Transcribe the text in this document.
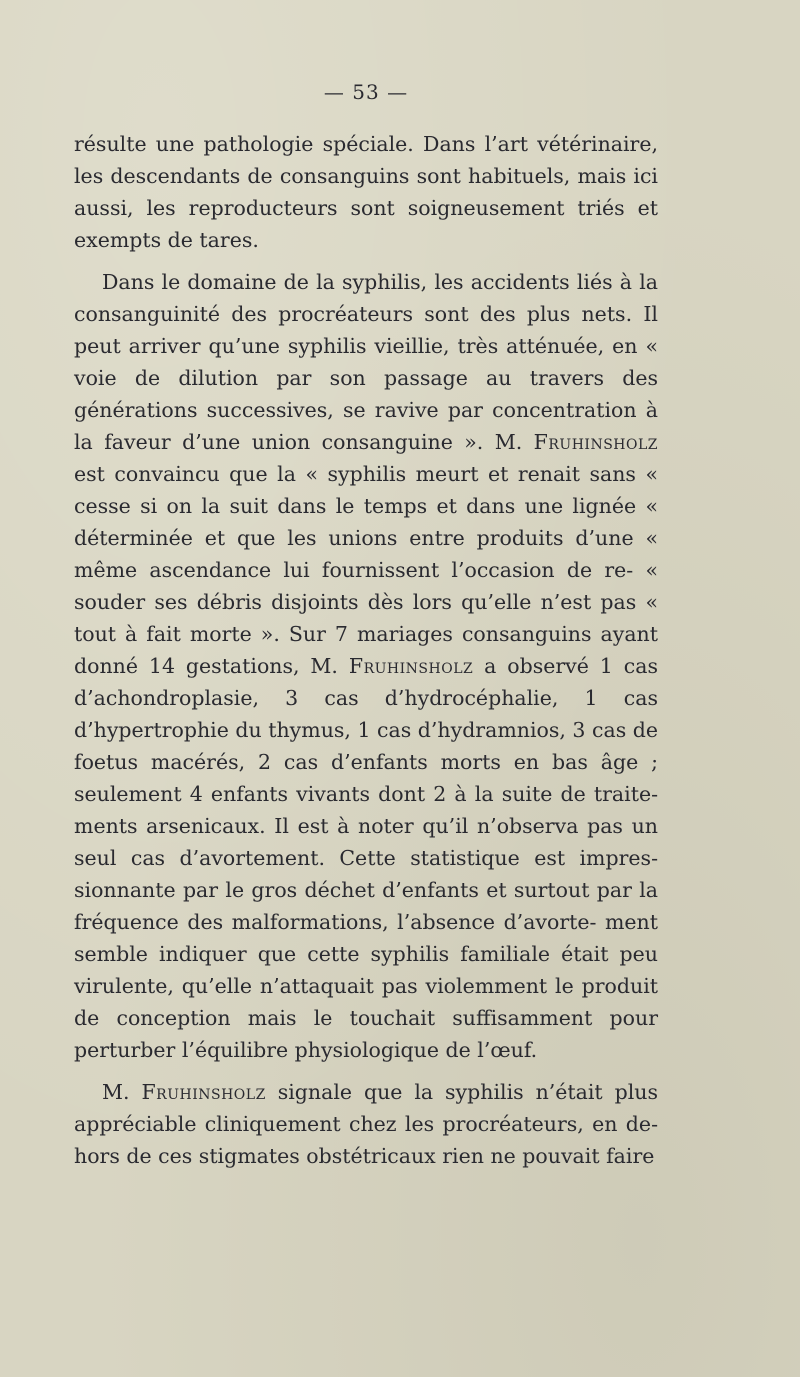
— 53 —

résulte une pathologie spéciale. Dans l’art vétérinaire, les descendants de consanguins sont habituels, mais ici aussi, les reproducteurs sont soigneusement triés et exempts de tares.

Dans le domaine de la syphilis, les accidents liés à la consanguinité des procréateurs sont des plus nets. Il peut arriver qu’une syphilis vieillie, très atténuée, en « voie de dilution par son passage au travers des générations successives, se ravive par concentration à la faveur d’une union consanguine ». M. Fruhinsholz est convaincu que la « syphilis meurt et renait sans « cesse si on la suit dans le temps et dans une lignée « déterminée et que les unions entre produits d’une « même ascendance lui fournissent l’occasion de re- « souder ses débris disjoints dès lors qu’elle n’est pas « tout à fait morte ». Sur 7 mariages consanguins ayant donné 14 gestations, M. Fruhinsholz a observé 1 cas d’achondroplasie, 3 cas d’hydrocéphalie, 1 cas d’hypertrophie du thymus, 1 cas d’hydramnios, 3 cas de foetus macérés, 2 cas d’enfants morts en bas âge ; seulement 4 enfants vivants dont 2 à la suite de traite- ments arsenicaux. Il est à noter qu’il n’observa pas un seul cas d’avortement. Cette statistique est impres- sionnante par le gros déchet d’enfants et surtout par la fréquence des malformations, l’absence d’avorte- ment semble indiquer que cette syphilis familiale était peu virulente, qu’elle n’attaquait pas violemment le produit de conception mais le touchait suffisamment pour perturber l’équilibre physiologique de l’œuf.

M. Fruhinsholz signale que la syphilis n’était plus appréciable cliniquement chez les procréateurs, en de- hors de ces stigmates obstétricaux rien ne pouvait faire
